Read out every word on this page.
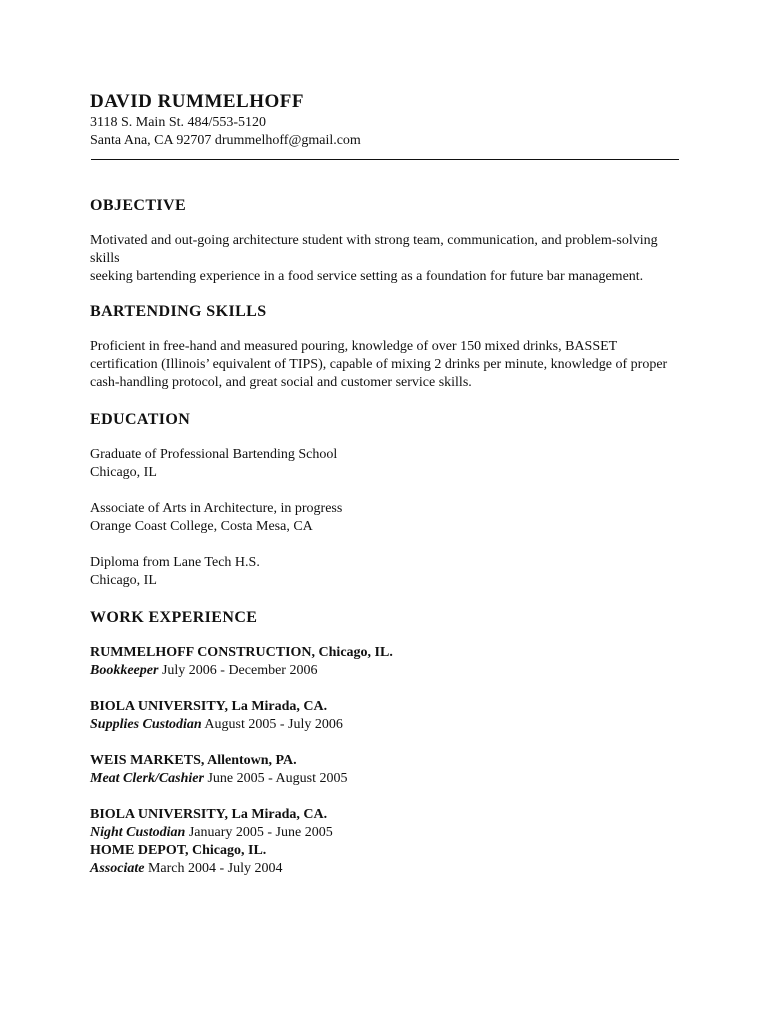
DAVID RUMMELHOFF
3118 S. Main St. 484/553-5120
Santa Ana, CA 92707 drummelhoff@gmail.com
OBJECTIVE
Motivated and out-going architecture student with strong team, communication, and problem-solving
skills
seeking bartending experience in a food service setting as a foundation for future bar management.
BARTENDING SKILLS
Proficient in free-hand and measured pouring, knowledge of over 150 mixed drinks, BASSET
certification (Illinois’ equivalent of TIPS), capable of mixing 2 drinks per minute, knowledge of proper
cash-handling protocol, and great social and customer service skills.
EDUCATION
Graduate of Professional Bartending School
Chicago, IL
Associate of Arts in Architecture, in progress
Orange Coast College, Costa Mesa, CA
Diploma from Lane Tech H.S.
Chicago, IL
WORK EXPERIENCE
RUMMELHOFF CONSTRUCTION, Chicago, IL.
Bookkeeper July 2006 - December 2006
BIOLA UNIVERSITY, La Mirada, CA.
Supplies Custodian August 2005 - July 2006
WEIS MARKETS, Allentown, PA.
Meat Clerk/Cashier June 2005 - August 2005
BIOLA UNIVERSITY, La Mirada, CA.
Night Custodian January 2005 - June 2005
HOME DEPOT, Chicago, IL.
Associate March 2004 - July 2004
